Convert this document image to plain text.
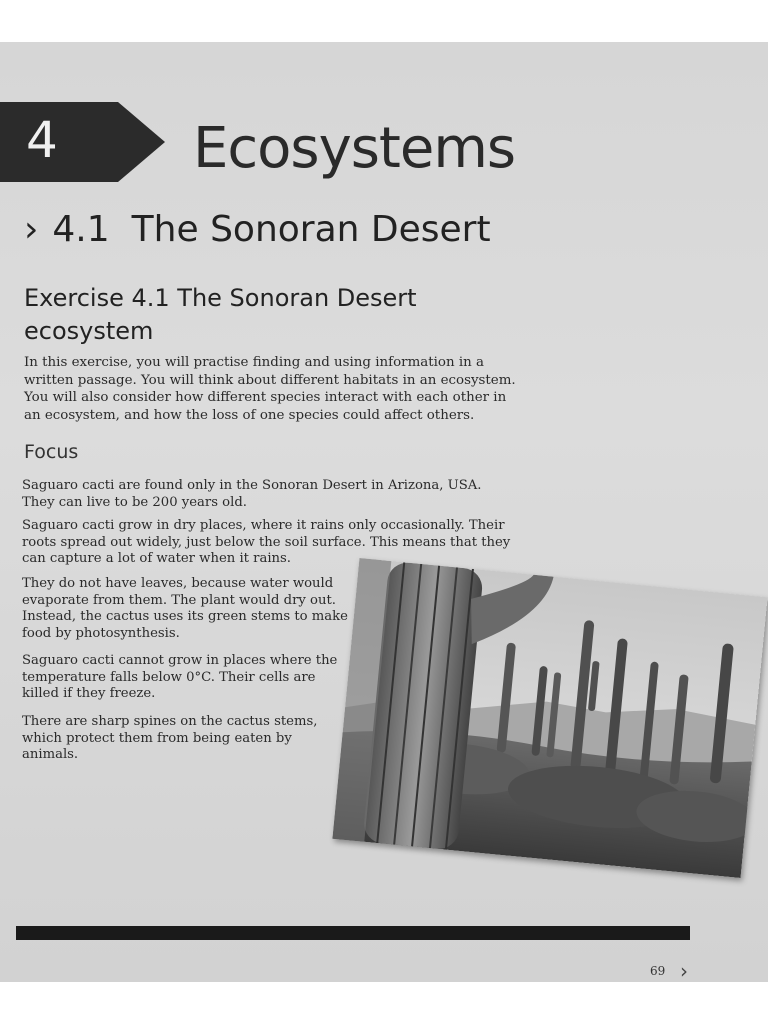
4 Ecosystems
› 4.1 The Sonoran Desert
Exercise 4.1 The Sonoran Desert ecosystem
In this exercise, you will practise finding and using information in a written passage. You will think about different habitats in an ecosystem. You will also consider how different species interact with each other in an ecosystem, and how the loss of one species could affect others.
Focus

Saguaro cacti are found only in the Sonoran Desert in Arizona, USA. They can live to be 200 years old.

Saguaro cacti grow in dry places, where it rains only occasionally. Their roots spread out widely, just below the soil surface. This means that they can capture a lot of water when it rains.

They do not have leaves, because water would evaporate from them. The plant would dry out. Instead, the cactus uses its green stems to make food by photosynthesis.

Saguaro cacti cannot grow in places where the temperature falls below 0°C. Their cells are killed if they freeze.

There are sharp spines on the cactus stems, which protect them from being eaten by animals.

69 ›
